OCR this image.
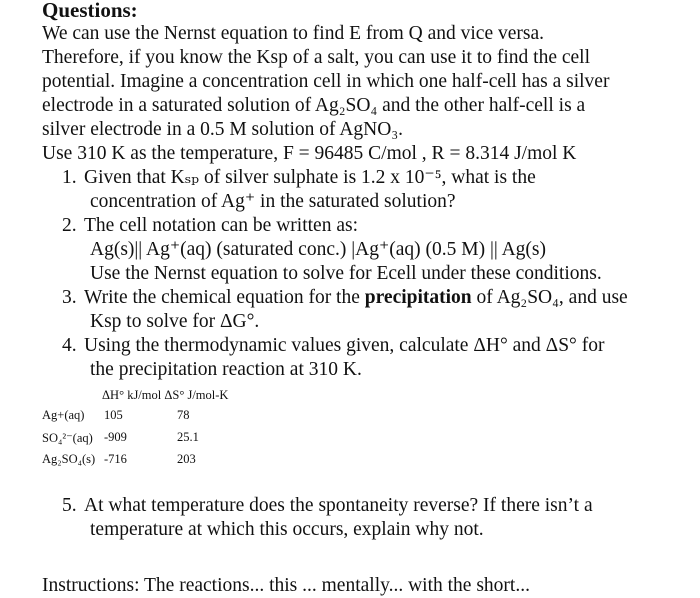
Questions:
We can use the Nernst equation to find E from Q and vice versa.
Therefore, if you know the Ksp of a salt, you can use it to find the cell
potential. Imagine a concentration cell in which one half-cell has a silver
electrode in a saturated solution of Ag₂SO₄ and the other half-cell is a
silver electrode in a 0.5 M solution of AgNO₃.
Use 310 K as the temperature, F = 96485 C/mol , R = 8.314 J/mol K
1. Given that Kₛₚ of silver sulphate is 1.2 x 10⁻⁵, what is the
concentration of Ag⁺ in the saturated solution?
2. The cell notation can be written as:
Ag(s)|| Ag⁺(aq) (saturated conc.) |Ag⁺(aq) (0.5 M) || Ag(s)
Use the Nernst equation to solve for Ecell under these conditions.
3. Write the chemical equation for the precipitation of Ag₂SO₄, and use
Ksp to solve for ΔG°.
4. Using the thermodynamic values given, calculate ΔH° and ΔS° for
the precipitation reaction at 310 K.
ΔH° kJ/mol ΔS° J/mol-K
Ag+(aq) 105	78
SO₄²⁻(aq) -909	25.1
Ag₂SO₄(s) -716	203
5. At what temperature does the spontaneity reverse? If there isn’t a
temperature at which this occurs, explain why not.
Instructions: The reactions... this ... mentally... with the short...
